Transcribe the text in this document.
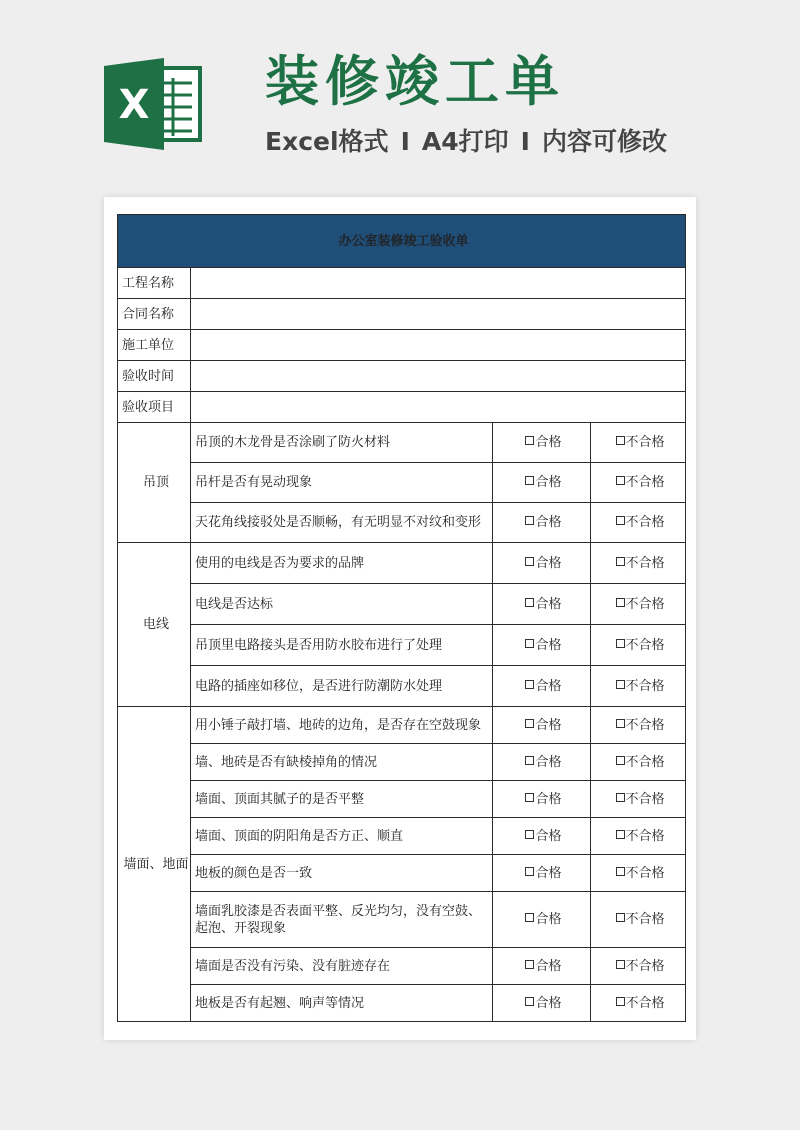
X 装修竣工单
Excel格式 I A4打印 I 内容可修改
办公室装修竣工验收单			
工程名称			
合同名称			
施工单位			
验收时间			
验收项目			
吊顶	吊顶的木龙骨是否涂刷了防火材料	合格	不合格

	吊杆是否有晃动现象	合格	不合格

	天花角线接驳处是否顺畅，有无明显不对纹和变形	合格	不合格
电线	使用的电线是否为要求的品牌	合格	不合格

	电线是否达标	合格	不合格

	吊顶里电路接头是否用防水胶布进行了处理	合格	不合格

	电路的插座如移位，是否进行防潮防水处理	合格	不合格
墙面、地面	用小锤子敲打墙、地砖的边角，是否存在空鼓现象	合格	不合格

	墙、地砖是否有缺棱掉角的情况	合格	不合格

	墙面、顶面其腻子的是否平整	合格	不合格

	墙面、顶面的阴阳角是否方正、顺直	合格	不合格

	地板的颜色是否一致	合格	不合格

	墙面乳胶漆是否表面平整、反光均匀，没有空鼓、起泡、开裂现象	合格	不合格

	墙面是否没有污染、没有脏迹存在	合格	不合格

	地板是否有起翘、响声等情况	合格	不合格
